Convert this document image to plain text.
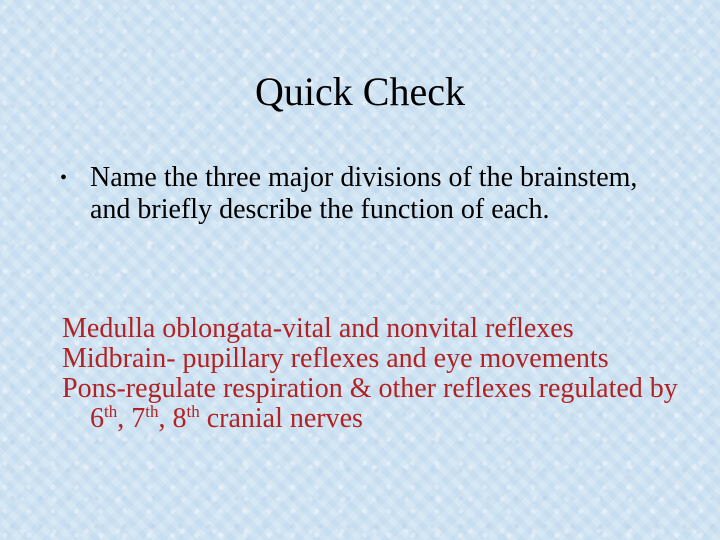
Quick Check
• Name the three major divisions of the brainstem, and briefly describe the function of each.
Medulla oblongata-vital and nonvital reflexes
Midbrain- pupillary reflexes and eye movements
Pons-regulate respiration & other reflexes regulated by 6th, 7th, 8th cranial nerves
